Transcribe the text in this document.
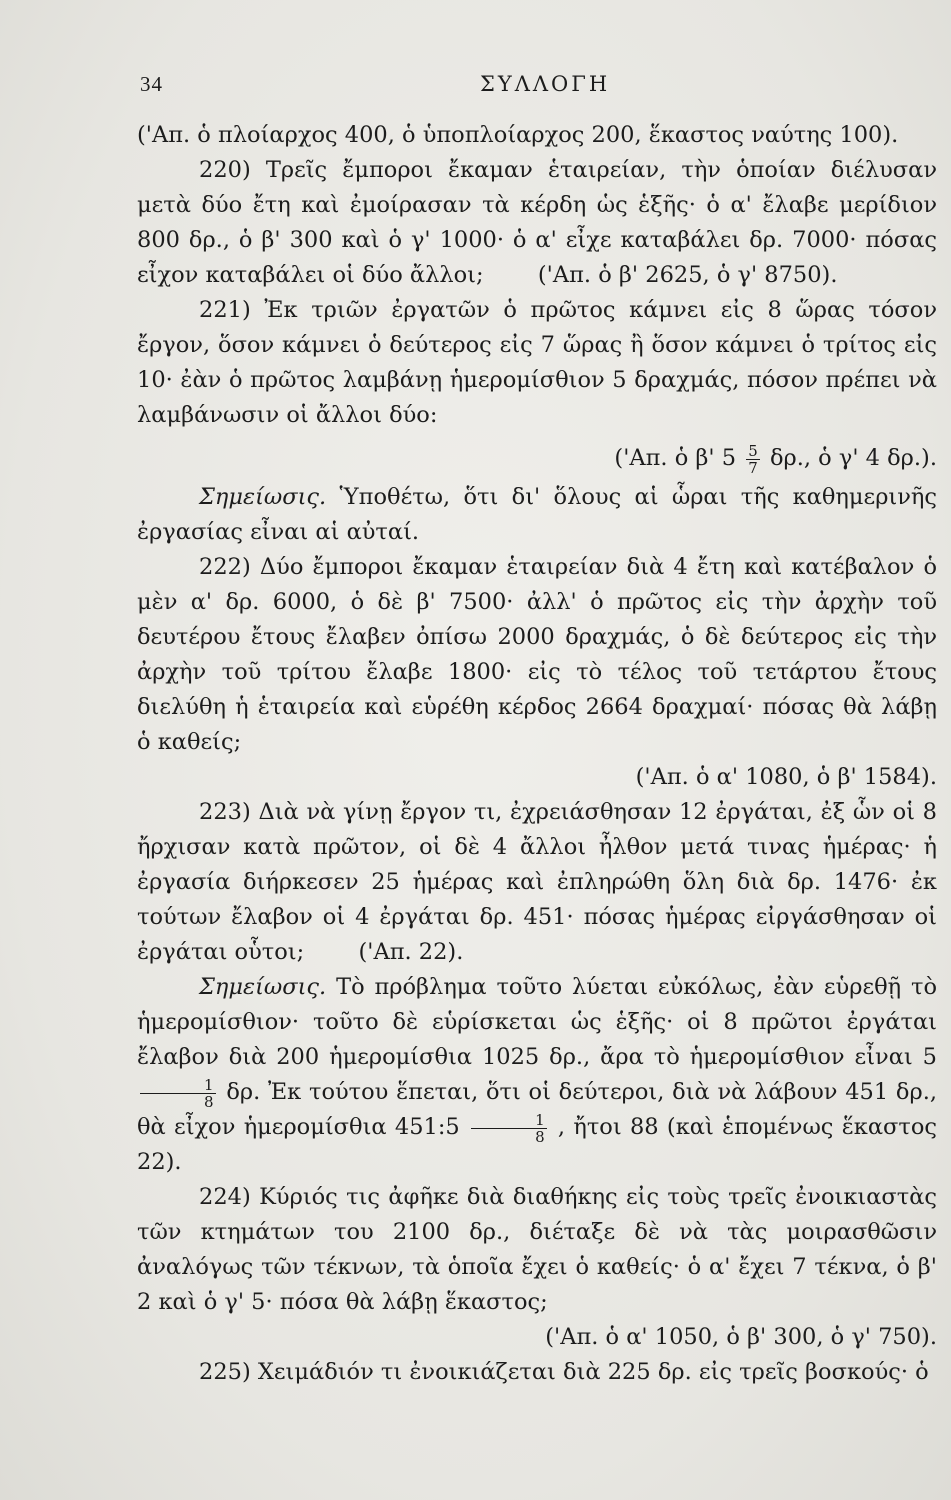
34	ΣΥΛΛΟΓΗ

('Απ. ὁ πλοίαρχος 400, ὁ ὑποπλοίαρχος 200, ἕκαστος ναύτης 100).

220) Τρεῖς ἔμποροι ἔκαμαν ἑταιρείαν, τὴν ὁποίαν διέλυσαν μετὰ δύο ἔτη καὶ ἐμοίρασαν τὰ κέρδη ὡς ἑξῆς· ὁ α' ἔλαβε μερίδιον 800 δρ., ὁ β' 300 καὶ ὁ γ' 1000· ὁ α' εἶχε καταβάλει δρ. 7000· πόσας εἶχον καταβάλει οἱ δύο ἄλλοι; ('Απ. ὁ β' 2625, ὁ γ' 8750).

221) Ἐκ τριῶν ἐργατῶν ὁ πρῶτος κάμνει εἰς 8 ὥρας τόσον ἔργον, ὅσον κάμνει ὁ δεύτερος εἰς 7 ὥρας ἢ ὅσον κάμνει ὁ τρίτος εἰς 10· ἐὰν ὁ πρῶτος λαμβάνῃ ἡμερομίσθιον 5 δραχμάς, πόσον πρέπει νὰ λαμβάνωσιν οἱ ἄλλοι δύο:

('Απ. ὁ β' $5 \frac{5}{7} \delta\rho$., ὁ γ' 4 δρ.).

Σημείωσις. Ὑποθέτω, ὅτι δι' ὅλους αἱ ὧραι τῆς καθημερινῆς ἐργασίας εἶναι αἱ αὐταί.

222) Δύο ἔμποροι ἔκαμαν ἑταιρείαν διὰ 4 ἔτη καὶ κατέβαλον ὁ μὲν α' δρ. 6000, ὁ δὲ β' 7500· ἀλλ' ὁ πρῶτος εἰς τὴν ἀρχὴν τοῦ δευτέρου ἔτους ἔλαβεν ὀπίσω 2000 δραχμάς, ὁ δὲ δεύτερος εἰς τὴν ἀρχὴν τοῦ τρίτου ἔλαβε 1800· εἰς τὸ τέλος τοῦ τετάρτου ἔτους διελύθη ἡ ἑταιρεία καὶ εὑρέθη κέρδος 2664 δραχμαί· πόσας θὰ λάβῃ ὁ καθείς;

('Απ. ὁ α' 1080, ὁ β' 1584).

223) Διὰ νὰ γίνῃ ἔργον τι, ἐχρειάσθησαν 12 ἐργάται, ἐξ ὧν οἱ 8 ἤρχισαν κατὰ πρῶτον, οἱ δὲ 4 ἄλλοι ἦλθον μετά τινας ἡμέρας· ἡ ἐργασία διήρκεσεν 25 ἡμέρας καὶ ἐπληρώθη ὅλη διὰ δρ. 1476· ἐκ τούτων ἔλαβον οἱ 4 ἐργάται δρ. 451· πόσας ἡμέρας εἰργάσθησαν οἱ ἐργάται οὗτοι; ('Απ. 22).

Σημείωσις. Τὸ πρόβλημα τοῦτο λύεται εὐκόλως, ἐὰν εὑρεθῇ τὸ ἡμερομίσθιον· τοῦτο δὲ εὑρίσκεται ὡς ἑξῆς· οἱ 8 πρῶτοι ἐργάται ἔλαβον διὰ 200 ἡμερομίσθια 1025 δρ., ἄρα τὸ ἡμερομίσθιον εἶναι 5
$\frac{1}{8} \delta\rho$. Ἐκ τούτου ἕπεται, ὅτι οἱ δεύτεροι, διὰ νὰ λάβουν 451 δρ., θὰ εἶχον ἡμερομίσθια 451:5 $\frac{1}{8}$ , ἤτοι 88 (καὶ ἑπομένως ἕκαστος 22).

224) Κύριός τις ἀφῆκε διὰ διαθήκης εἰς τοὺς τρεῖς ἐνοικιαστὰς τῶν κτημάτων του 2100 δρ., διέταξε δὲ νὰ τὰς μοιρασθῶσιν ἀναλόγως τῶν τέκνων, τὰ ὁποῖα ἔχει ὁ καθείς· ὁ α' ἔχει 7 τέκνα, ὁ β' 2 καὶ ὁ γ' 5· πόσα θὰ λάβῃ ἕκαστος;

('Απ. ὁ α' 1050, ὁ β' 300, ὁ γ' 750).

225) Χειμάδιόν τι ἐνοικιάζεται διὰ 225 δρ. εἰς τρεῖς βοσκούς· ὁ
